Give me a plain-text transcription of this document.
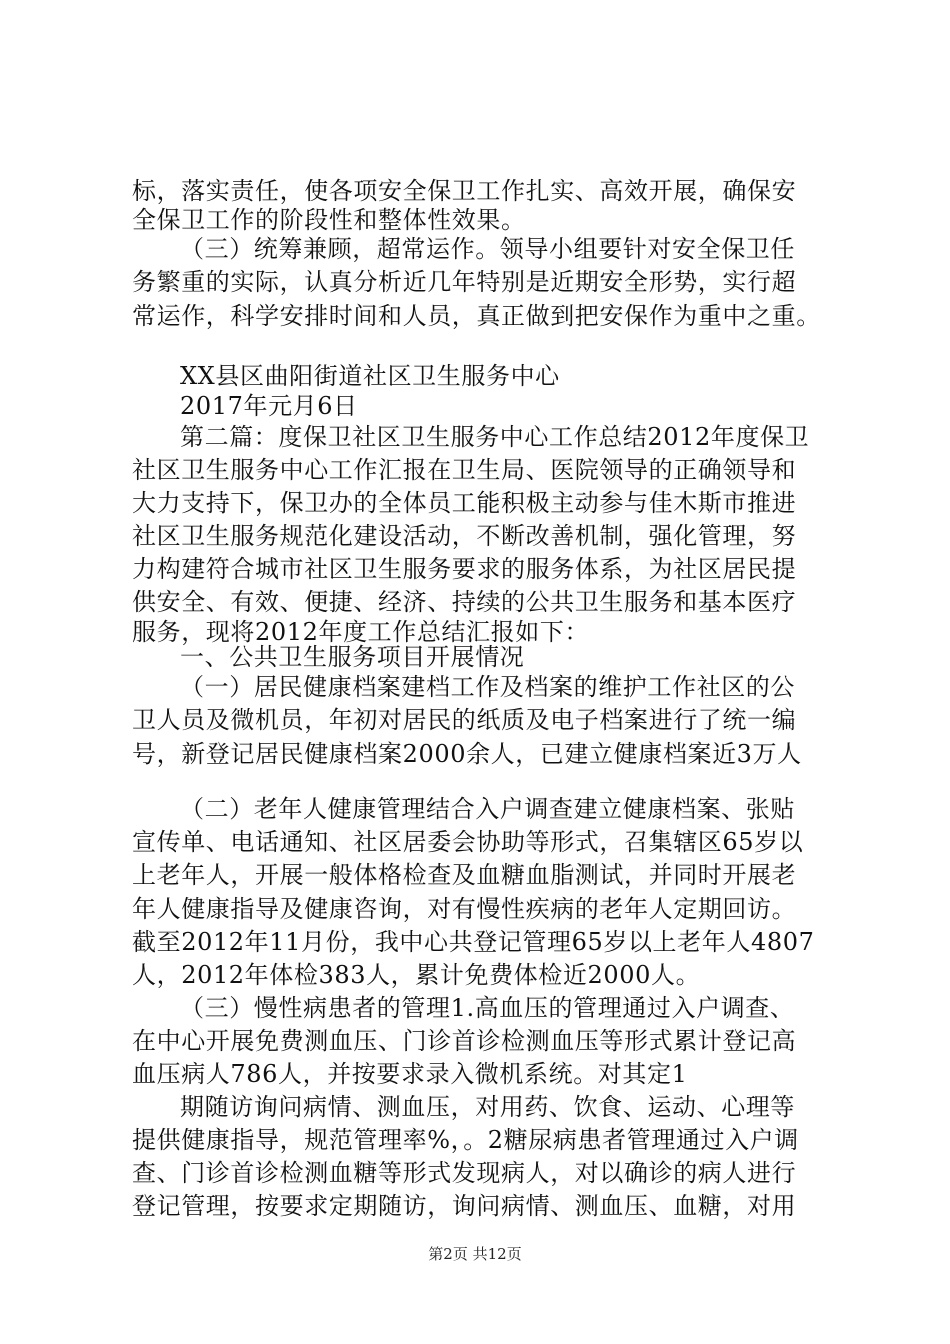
标，落实责任，使各项安全保卫工作扎实、高效开展，确保安
全保卫工作的阶段性和整体性效果。
（三）统筹兼顾，超常运作。领导小组要针对安全保卫任
务繁重的实际，认真分析近几年特别是近期安全形势，实行超
常运作，科学安排时间和人员，真正做到把安保作为重中之重。
XX县区曲阳街道社区卫生服务中心
2017年元月6日
第二篇：度保卫社区卫生服务中心工作总结2012年度保卫
社区卫生服务中心工作汇报在卫生局、医院领导的正确领导和
大力支持下，保卫办的全体员工能积极主动参与佳木斯市推进
社区卫生服务规范化建设活动，不断改善机制，强化管理，努
力构建符合城市社区卫生服务要求的服务体系，为社区居民提
供安全、有效、便捷、经济、持续的公共卫生服务和基本医疗
服务，现将2012年度工作总结汇报如下：
一、公共卫生服务项目开展情况
（一）居民健康档案建档工作及档案的维护工作社区的公
卫人员及微机员，年初对居民的纸质及电子档案进行了统一编
号，新登记居民健康档案2000余人，已建立健康档案近3万人
（二）老年人健康管理结合入户调查建立健康档案、张贴
宣传单、电话通知、社区居委会协助等形式，召集辖区65岁以
上老年人，开展一般体格检查及血糖血脂测试，并同时开展老
年人健康指导及健康咨询，对有慢性疾病的老年人定期回访。
截至2012年11月份，我中心共登记管理65岁以上老年人4807
人，2012年体检383人，累计免费体检近2000人。
（三）慢性病患者的管理1.高血压的管理通过入户调查、
在中心开展免费测血压、门诊首诊检测血压等形式累计登记高
血压病人786人，并按要求录入微机系统。对其定1
期随访询问病情、测血压，对用药、饮食、运动、心理等
提供健康指导，规范管理率%，。2糖尿病患者管理通过入户调
查、门诊首诊检测血糖等形式发现病人，对以确诊的病人进行
登记管理，按要求定期随访，询问病情、测血压、血糖，对用
第2页 共12页
